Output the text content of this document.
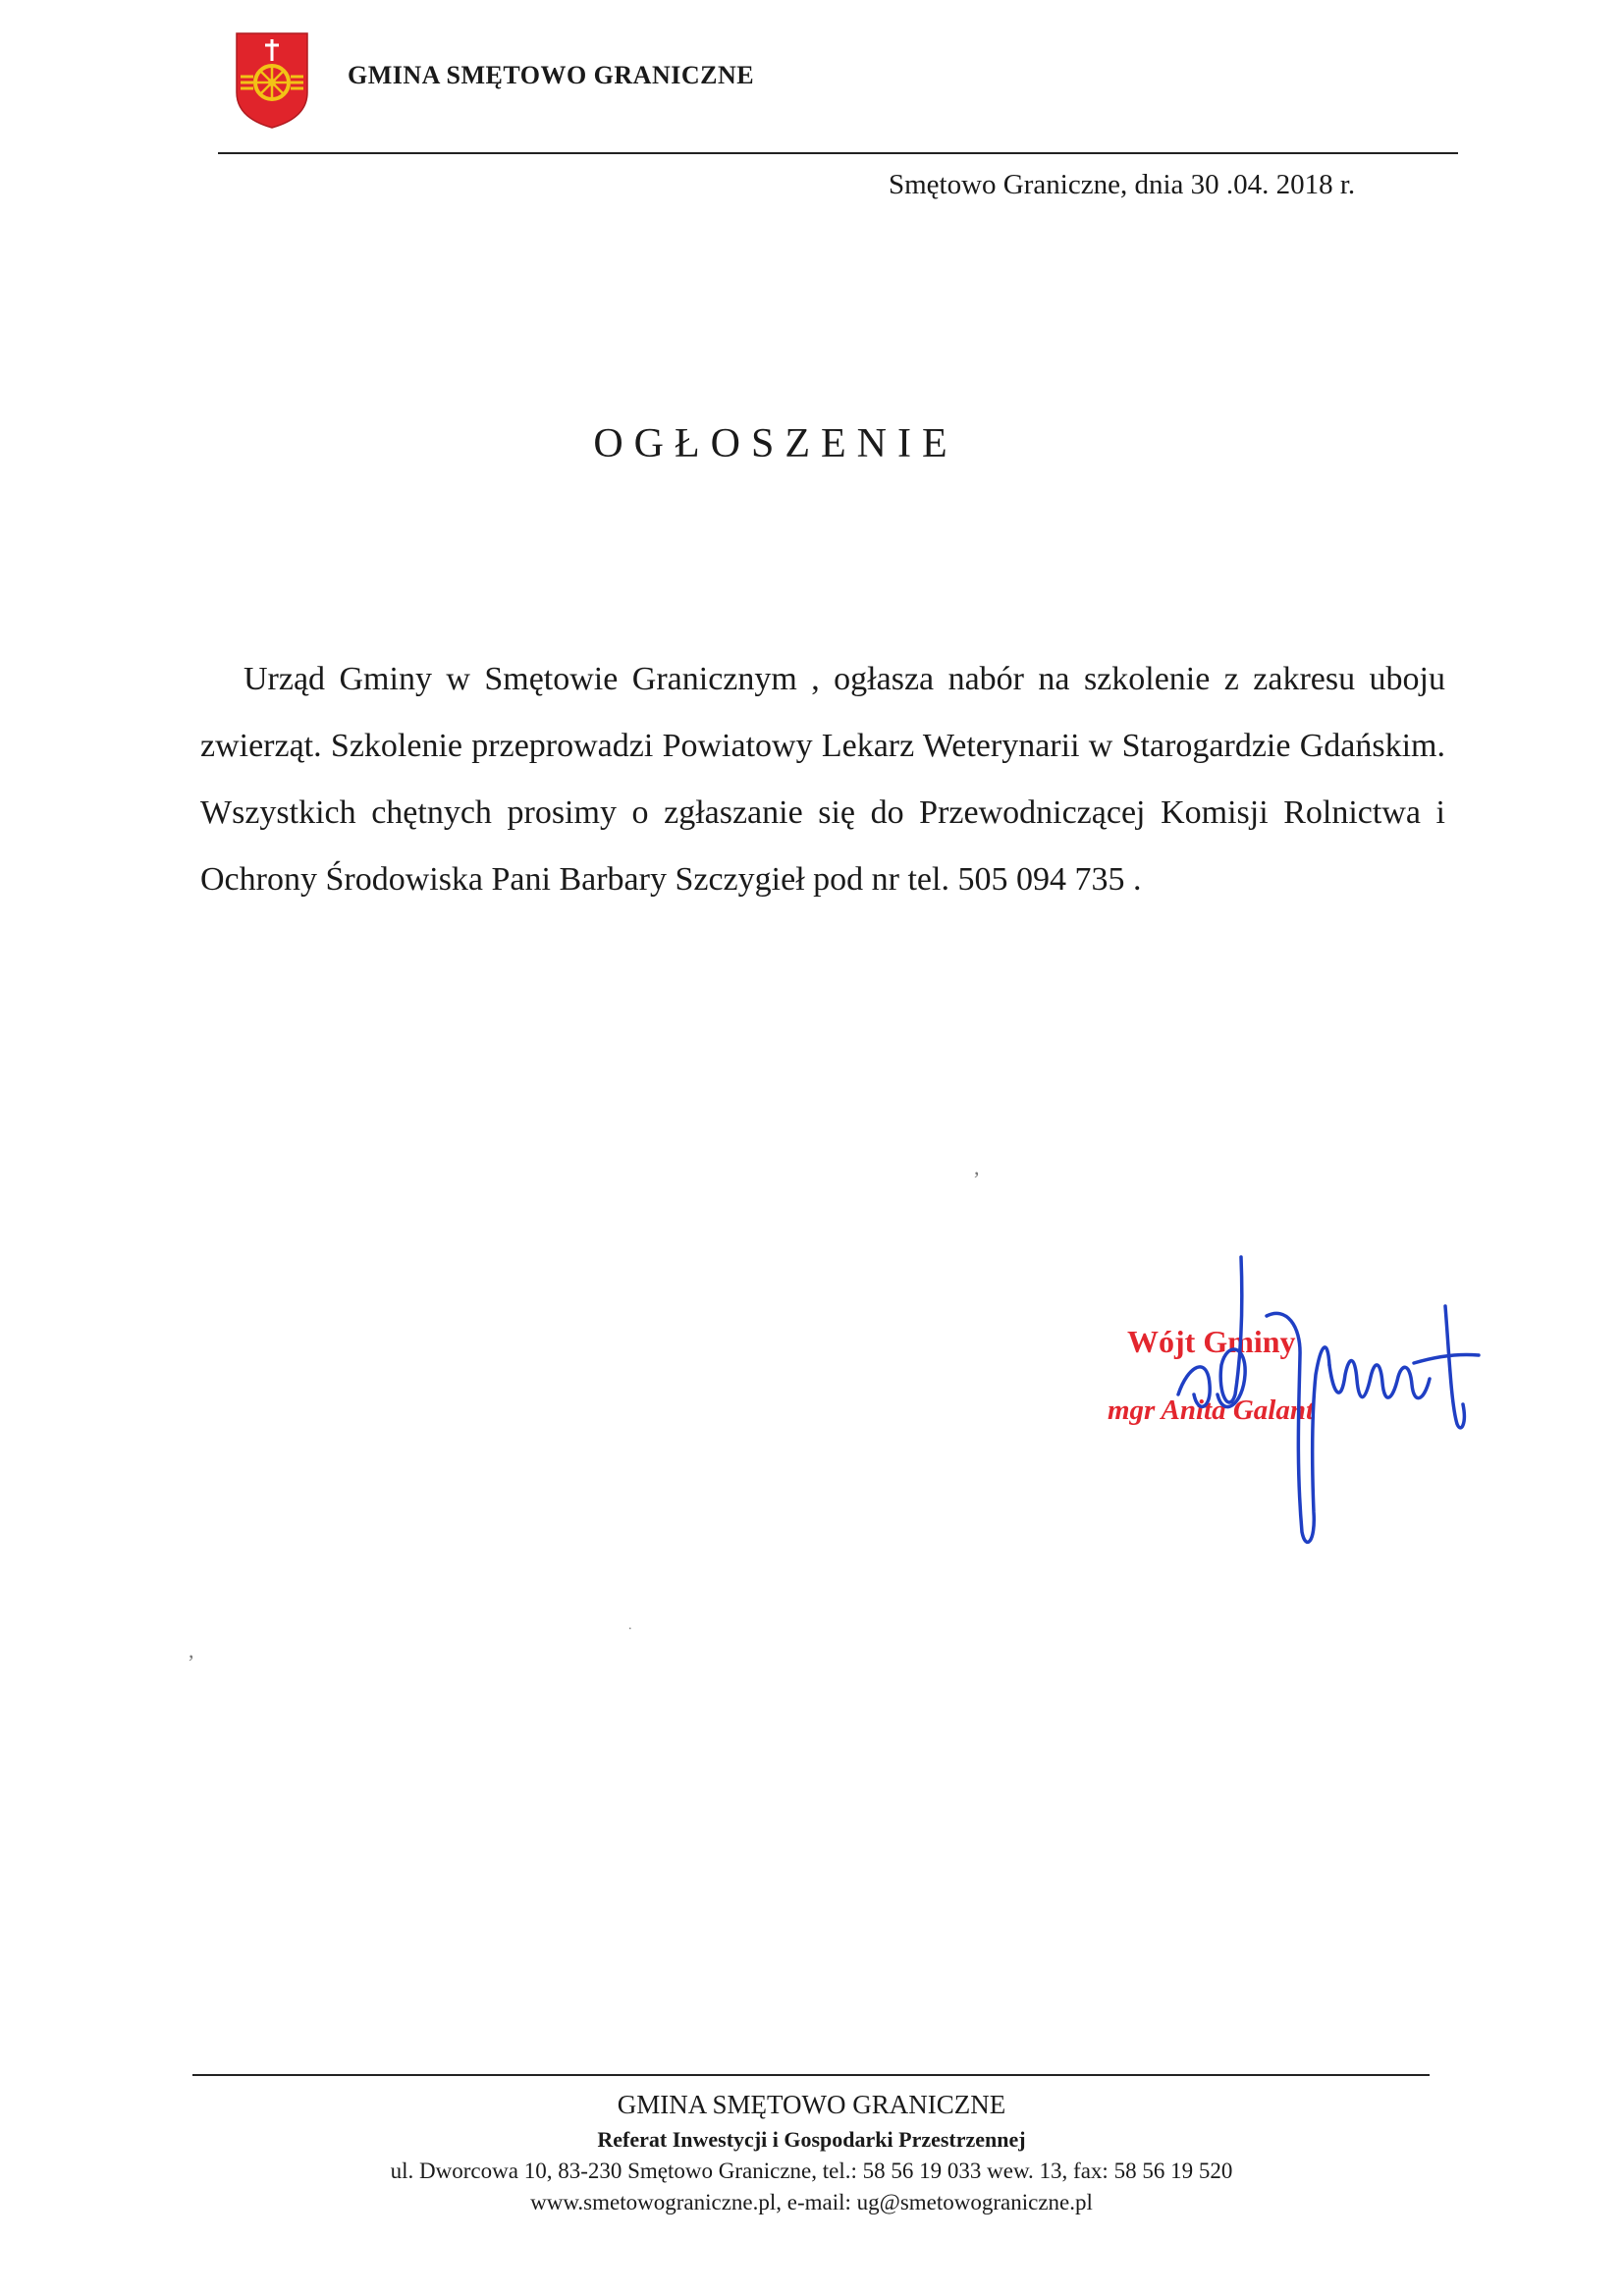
GMINA SMĘTOWO GRANICZNE
Smętowo Graniczne, dnia 30 .04. 2018 r.
OGŁOSZENIE
Urząd Gminy w Smętowie Granicznym , ogłasza nabór na szkolenie z zakresu uboju zwierząt. Szkolenie przeprowadzi Powiatowy Lekarz Weterynarii w Starogardzie Gdańskim. Wszystkich chętnych prosimy o zgłaszanie się do Przewodniczącej Komisji Rolnictwa i Ochrony Środowiska Pani Barbary Szczygieł pod nr tel. 505 094 735 .
Wójt Gminy
mgr Anita Galant
,
,
.
GMINA SMĘTOWO GRANICZNE
Referat Inwestycji i Gospodarki Przestrzennej
ul. Dworcowa 10, 83-230 Smętowo Graniczne, tel.: 58 56 19 033 wew. 13, fax: 58 56 19 520
www.smetowograniczne.pl, e-mail: ug@smetowograniczne.pl
